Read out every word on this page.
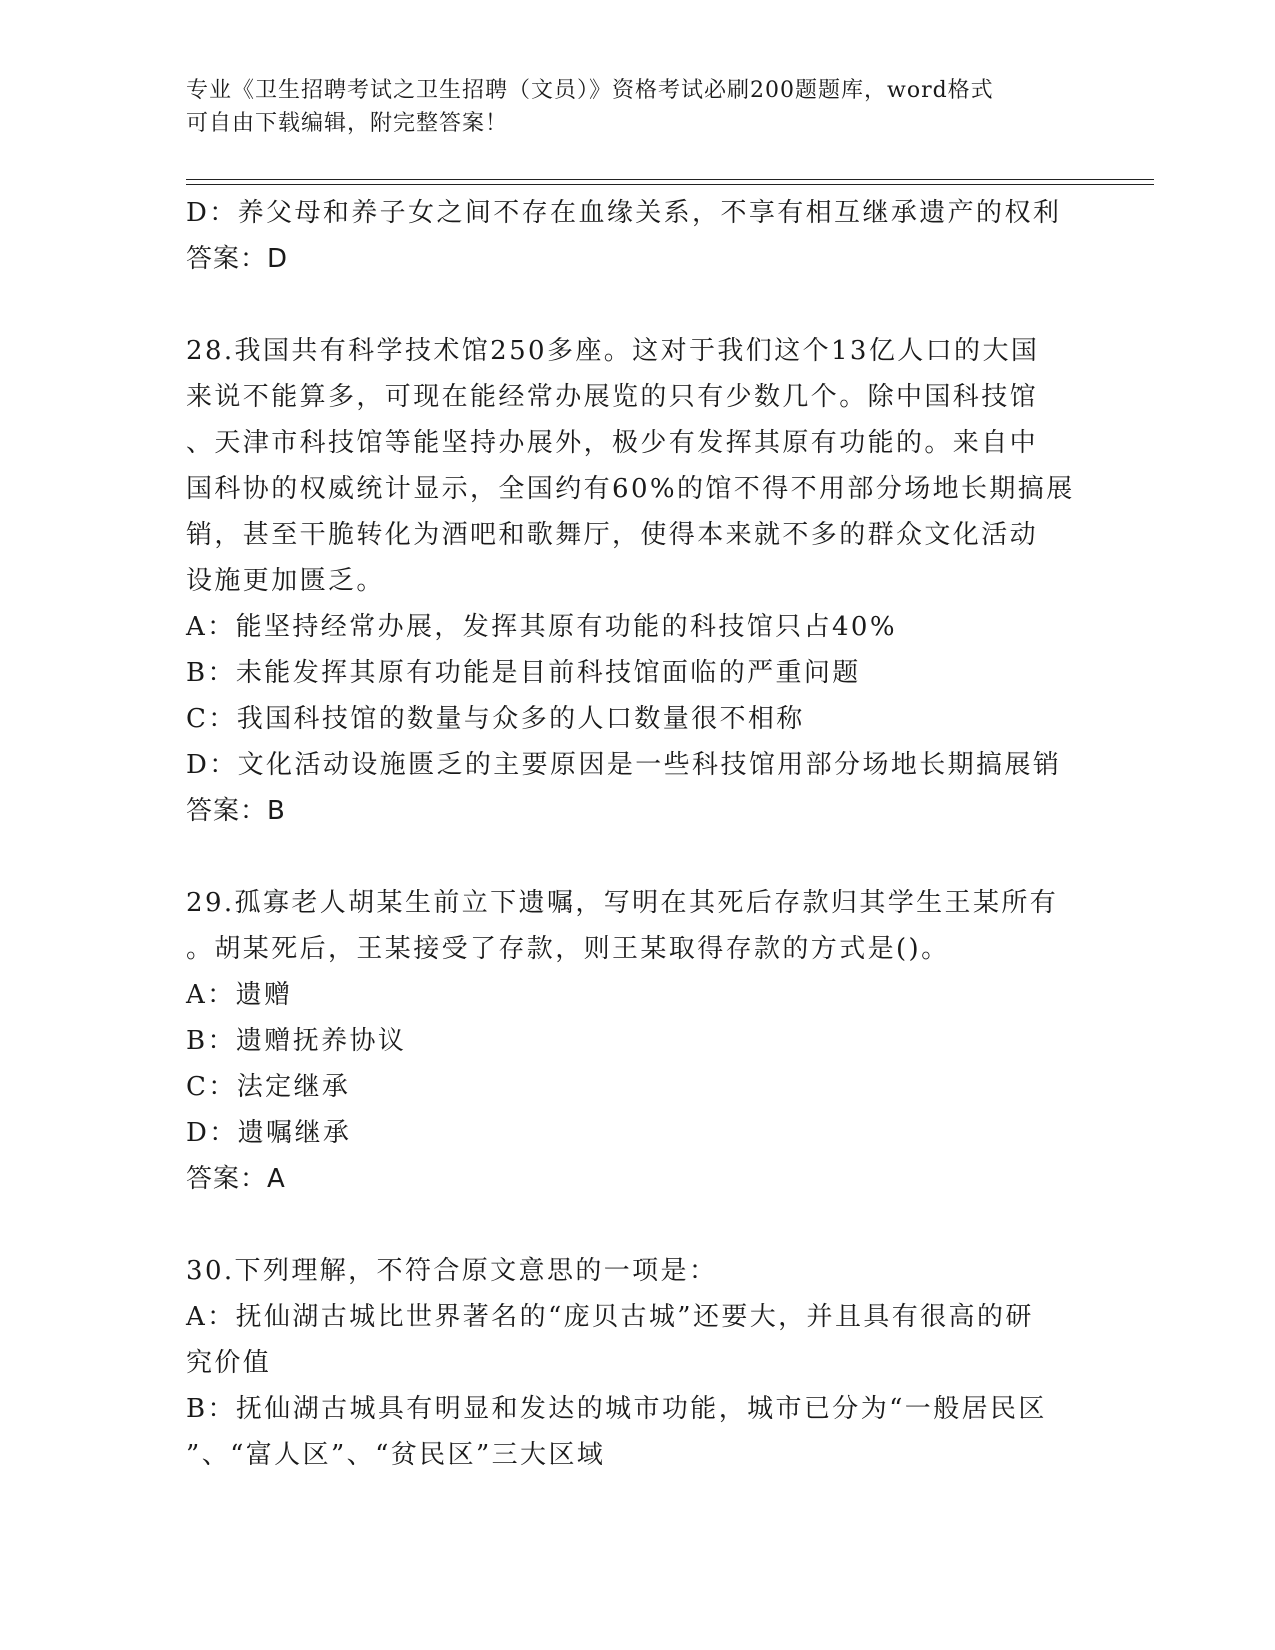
专业《卫生招聘考试之卫生招聘（文员）》资格考试必刷200题题库，word格式
可自由下载编辑，附完整答案！

D：养父母和养子女之间不存在血缘关系，不享有相互继承遗产的权利

答案：D

28.我国共有科学技术馆250多座。这对于我们这个13亿人口的大国

来说不能算多，可现在能经常办展览的只有少数几个。除中国科技馆

、天津市科技馆等能坚持办展外，极少有发挥其原有功能的。来自中

国科协的权威统计显示，全国约有60%的馆不得不用部分场地长期搞展

销，甚至干脆转化为酒吧和歌舞厅，使得本来就不多的群众文化活动

设施更加匮乏。

A：能坚持经常办展，发挥其原有功能的科技馆只占40%

B：未能发挥其原有功能是目前科技馆面临的严重问题

C：我国科技馆的数量与众多的人口数量很不相称

D：文化活动设施匮乏的主要原因是一些科技馆用部分场地长期搞展销

答案：B

29.孤寡老人胡某生前立下遗嘱，写明在其死后存款归其学生王某所有

。胡某死后，王某接受了存款，则王某取得存款的方式是()。

A：遗赠

B：遗赠抚养协议

C：法定继承

D：遗嘱继承

答案：A

30.下列理解，不符合原文意思的一项是：

A：抚仙湖古城比世界著名的“庞贝古城”还要大，并且具有很高的研

究价值

B：抚仙湖古城具有明显和发达的城市功能，城市已分为“一般居民区

”、“富人区”、“贫民区”三大区域
